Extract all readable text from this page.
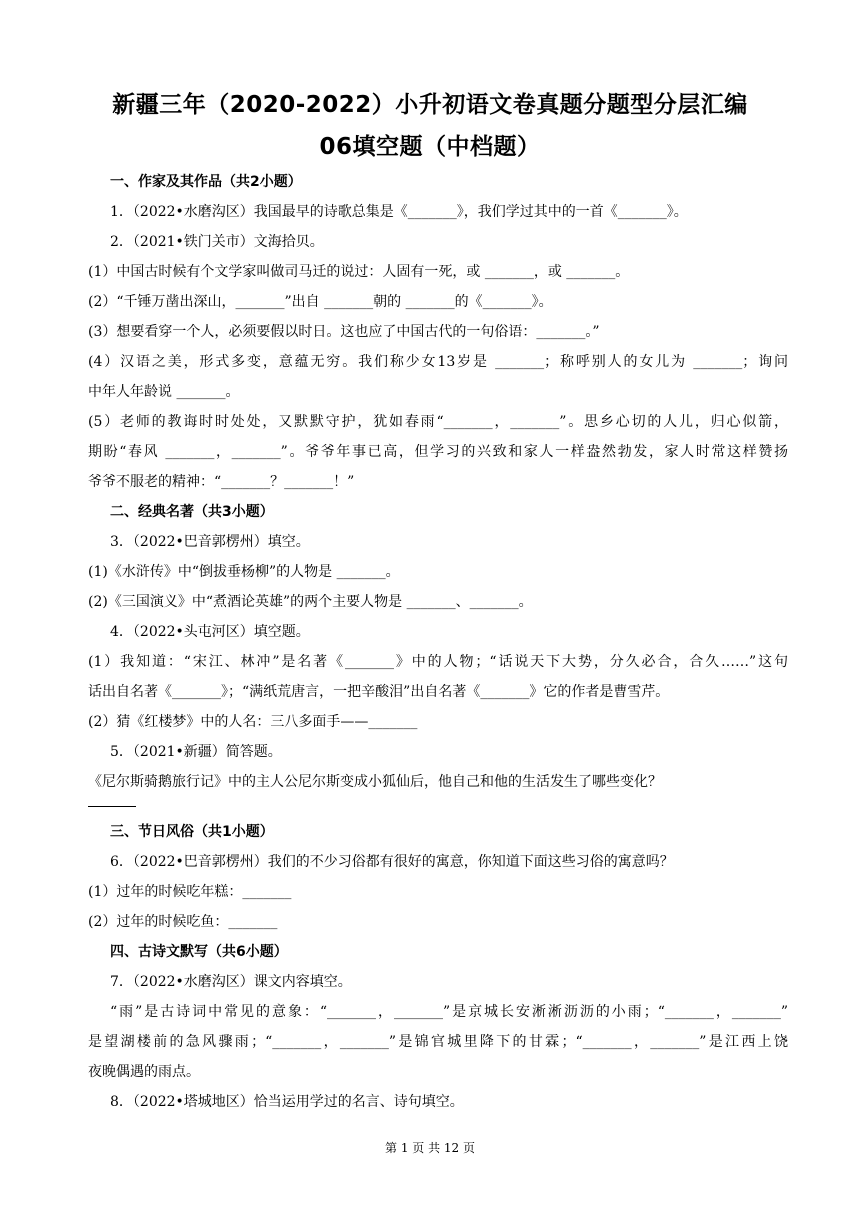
新疆三年（2020-2022）小升初语文卷真题分题型分层汇编
06填空题（中档题）
一、作家及其作品（共2小题）
1．（2022•水磨沟区）我国最早的诗歌总集是《_______》，我们学过其中的一首《_______》。
2．（2021•铁门关市）文海拾贝。
(1）中国古时候有个文学家叫做司马迁的说过：人固有一死，或 _______，或 _______。
(2）“千锤万凿出深山，_______”出自 _______朝的 _______的《_______》。
(3）想要看穿一个人，必须要假以时日。这也应了中国古代的一句俗语：_______。”
(4）汉语之美，形式多变，意蕴无穷。我们称少女13岁是 _______；称呼别人的女儿为 _______；询问
中年人年龄说 _______。
(5）老师的教诲时时处处，又默默守护，犹如春雨“_______，_______”。思乡心切的人儿，归心似箭，
期盼“春风 _______，_______”。爷爷年事已高，但学习的兴致和家人一样盎然勃发，家人时常这样赞扬
爷爷不服老的精神：“_______？_______！”
二、经典名著（共3小题）
3．（2022•巴音郭楞州）填空。
(1)《水浒传》中“倒拔垂杨柳”的人物是 _______。
(2)《三国演义》中“煮酒论英雄”的两个主要人物是 _______、_______。
4．（2022•头屯河区）填空题。
(1）我知道：“宋江、林冲”是名著《_______》中的人物；“话说天下大势，分久必合，合久……”这句
话出自名著《_______》；“满纸荒唐言，一把辛酸泪”出自名著《_______》它的作者是曹雪芹。
(2）猜《红楼梦》中的人名：三八多面手——_______
5．（2021•新疆）简答题。
《尼尔斯骑鹅旅行记》中的主人公尼尔斯变成小狐仙后，他自己和他的生活发生了哪些变化？
三、节日风俗（共1小题）
6．（2022•巴音郭楞州）我们的不少习俗都有很好的寓意，你知道下面这些习俗的寓意吗？
(1）过年的时候吃年糕：_______
(2）过年的时候吃鱼：_______
四、古诗文默写（共6小题）
7．（2022•水磨沟区）课文内容填空。
“雨”是古诗词中常见的意象：“_______，_______”是京城长安淅淅沥沥的小雨；“_______，_______”
是望湖楼前的急风骤雨；“_______，_______”是锦官城里降下的甘霖；“_______，_______”是江西上饶
夜晚偶遇的雨点。
8．（2022•塔城地区）恰当运用学过的名言、诗句填空。
第 1 页 共 12 页
